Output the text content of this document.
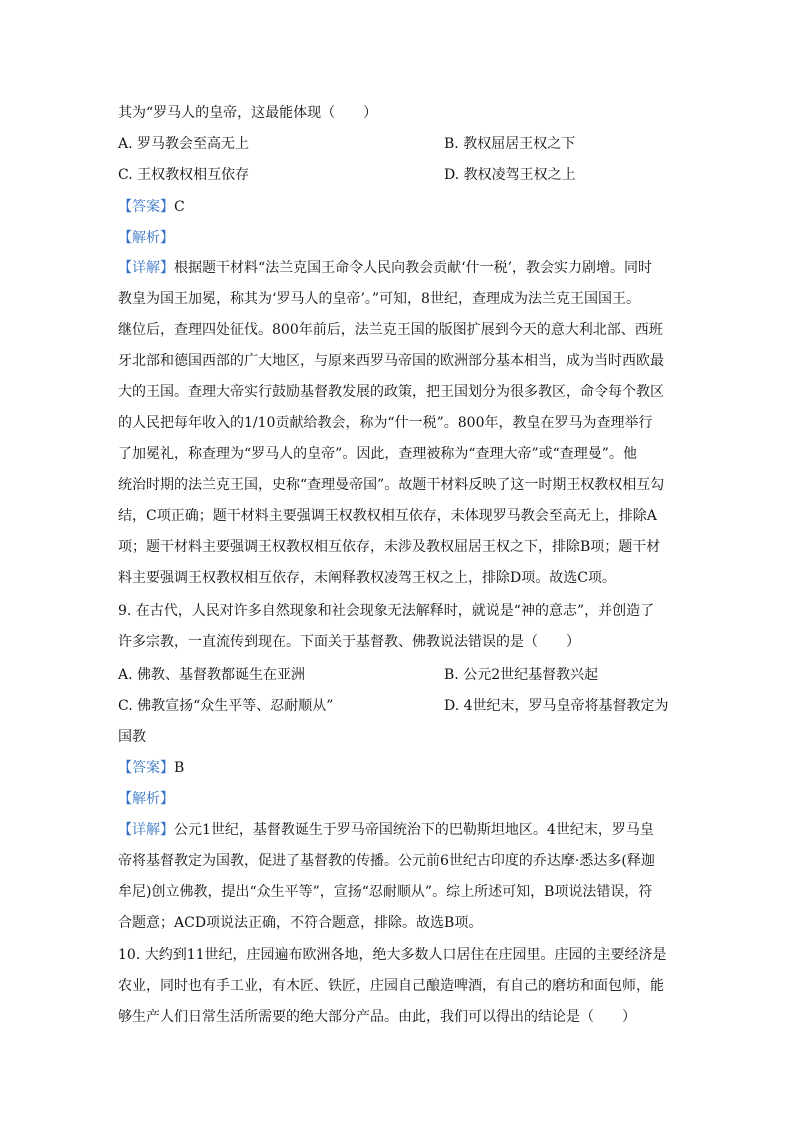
其为“罗马人的皇帝，这最能体现（　　）
A. 罗马教会至高无上	B. 教权屈居王权之下
C. 王权教权相互依存	D. 教权凌驾王权之上
【答案】C
【解析】
【详解】根据题干材料“法兰克国王命令人民向教会贡献‘什一税’，教会实力剧增。同时
教皇为国王加冕，称其为‘罗马人的皇帝’。”可知，8世纪，查理成为法兰克王国国王。
继位后，查理四处征伐。800年前后，法兰克王国的版图扩展到今天的意大利北部、西班
牙北部和德国西部的广大地区，与原来西罗马帝国的欧洲部分基本相当，成为当时西欧最
大的王国。查理大帝实行鼓励基督教发展的政策，把王国划分为很多教区，命令每个教区
的人民把每年收入的1/10贡献给教会，称为“什一税”。800年，教皇在罗马为查理举行
了加冕礼，称查理为“罗马人的皇帝”。因此，查理被称为“查理大帝”或“查理曼”。他
统治时期的法兰克王国，史称“查理曼帝国”。故题干材料反映了这一时期王权教权相互勾
结，C项正确；题干材料主要强调王权教权相互依存，未体现罗马教会至高无上，排除A
项；题干材料主要强调王权教权相互依存，未涉及教权屈居王权之下，排除B项；题干材
料主要强调王权教权相互依存，未阐释教权凌驾王权之上，排除D项。故选C项。
9. 在古代，人民对许多自然现象和社会现象无法解释时，就说是“神的意志”，并创造了
许多宗教，一直流传到现在。下面关于基督教、佛教说法错误的是（　　）
A. 佛教、基督教都诞生在亚洲	B. 公元2世纪基督教兴起
C. 佛教宣扬“众生平等、忍耐顺从”	D. 4世纪末，罗马皇帝将基督教定为
国教
【答案】B
【解析】
【详解】公元1世纪，基督教诞生于罗马帝国统治下的巴勒斯坦地区。4世纪末，罗马皇
帝将基督教定为国教，促进了基督教的传播。公元前6世纪古印度的乔达摩·悉达多(释迦
牟尼)创立佛教，提出“众生平等”，宣扬“忍耐顺从”。综上所述可知，B项说法错误，符
合题意；ACD项说法正确，不符合题意，排除。故选B项。
10. 大约到11世纪，庄园遍布欧洲各地，绝大多数人口居住在庄园里。庄园的主要经济是
农业，同时也有手工业，有木匠、铁匠，庄园自己酿造啤酒，有自己的磨坊和面包师，能
够生产人们日常生活所需要的绝大部分产品。由此，我们可以得出的结论是（　　）
